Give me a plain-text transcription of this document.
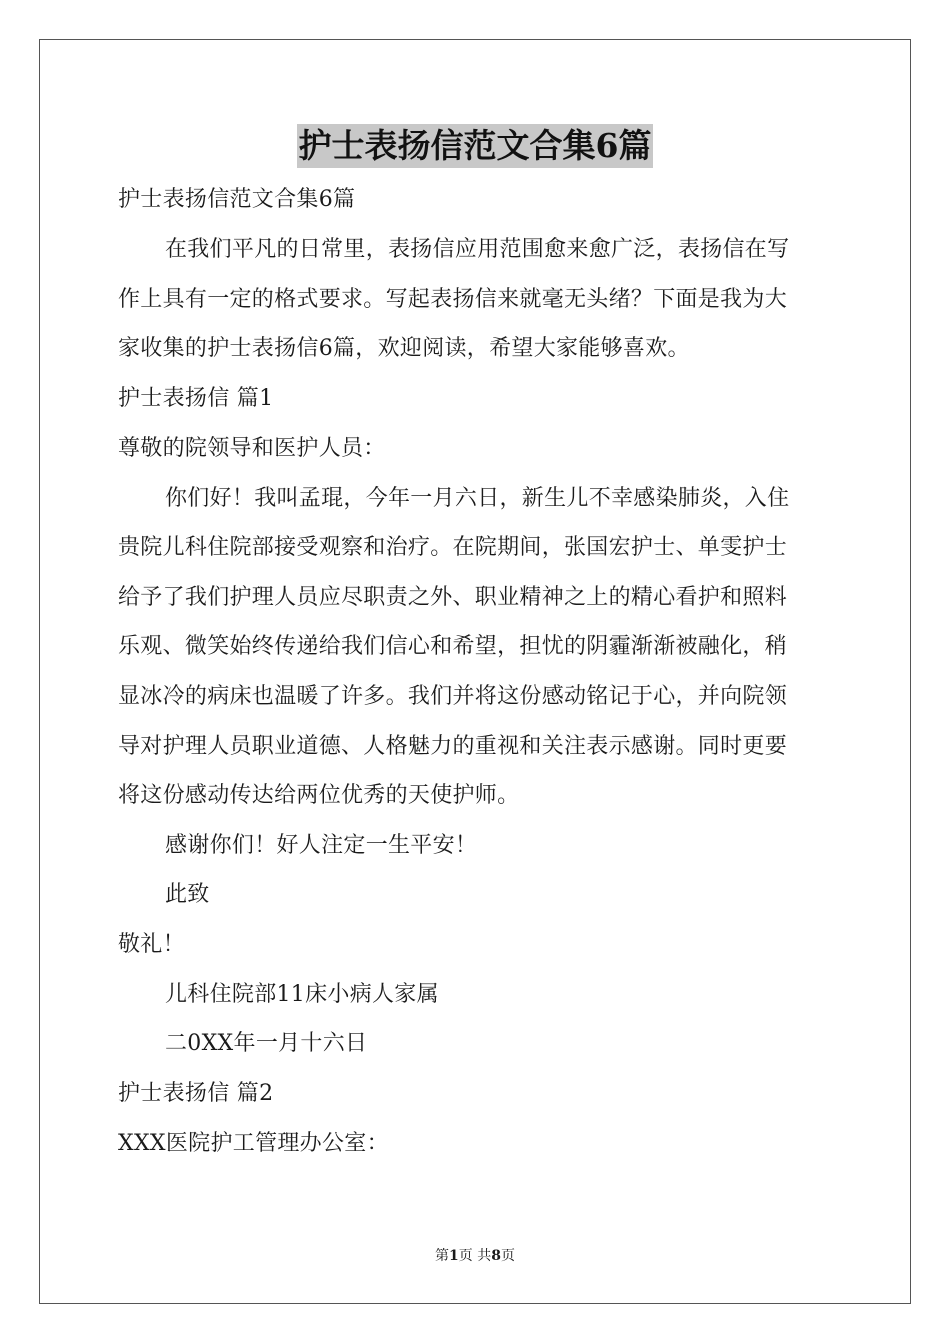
护士表扬信范文合集6篇
护士表扬信范文合集6篇
在我们平凡的日常里，表扬信应用范围愈来愈广泛，表扬信在写
作上具有一定的格式要求。写起表扬信来就毫无头绪？下面是我为大
家收集的护士表扬信6篇，欢迎阅读，希望大家能够喜欢。
护士表扬信 篇1
尊敬的院领导和医护人员：
你们好！我叫孟琨，今年一月六日，新生儿不幸感染肺炎，入住
贵院儿科住院部接受观察和治疗。在院期间，张国宏护士、单雯护士
给予了我们护理人员应尽职责之外、职业精神之上的精心看护和照料
乐观、微笑始终传递给我们信心和希望，担忧的阴霾渐渐被融化，稍
显冰冷的病床也温暖了许多。我们并将这份感动铭记于心，并向院领
导对护理人员职业道德、人格魅力的重视和关注表示感谢。同时更要
将这份感动传达给两位优秀的天使护师。
感谢你们！好人注定一生平安！
此致
敬礼！
儿科住院部11床小病人家属
二0XX年一月十六日
护士表扬信 篇2
XXX医院护工管理办公室：
第1页 共8页
